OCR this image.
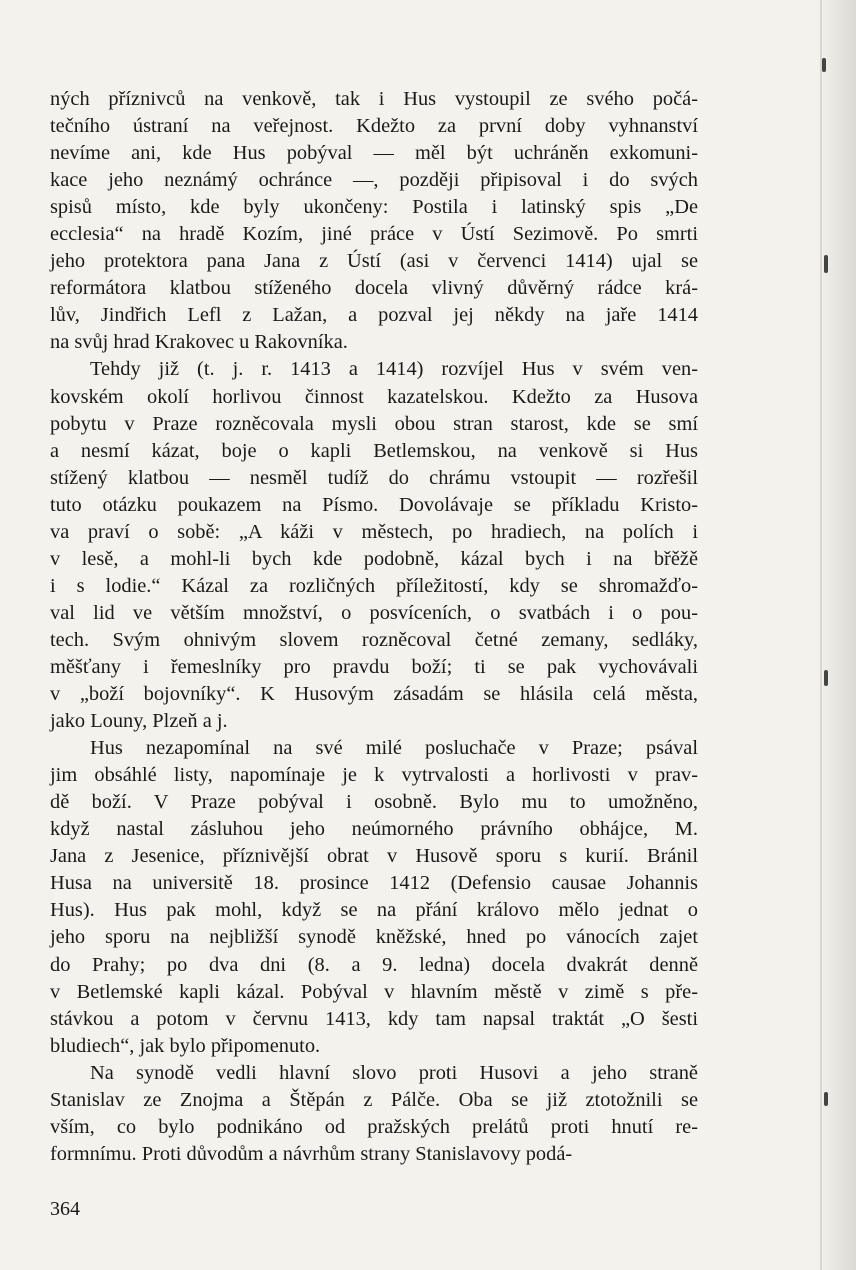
ných příznivců na venkově, tak i Hus vystoupil ze svého počá-
tečního ústraní na veřejnost. Kdežto za první doby vyhnanství
nevíme ani, kde Hus pobýval — měl být uchráněn exkomuni-
kace jeho neznámý ochránce —, později připisoval i do svých
spisů místo, kde byly ukončeny: Postila i latinský spis „De
ecclesia“ na hradě Kozím, jiné práce v Ústí Sezimově. Po smrti
jeho protektora pana Jana z Ústí (asi v červenci 1414) ujal se
reformátora klatbou stíženého docela vlivný důvěrný rádce krá-
lův, Jindřich Lefl z Lažan, a pozval jej někdy na jaře 1414
na svůj hrad Krakovec u Rakovníka.

Tehdy již (t. j. r. 1413 a 1414) rozvíjel Hus v svém ven-
kovském okolí horlivou činnost kazatelskou. Kdežto za Husova
pobytu v Praze rozněcovala mysli obou stran starost, kde se smí
a nesmí kázat, boje o kapli Betlemskou, na venkově si Hus
stížený klatbou — nesměl tudíž do chrámu vstoupit — rozřešil
tuto otázku poukazem na Písmo. Dovolávaje se příkladu Kristo-
va praví o sobě: „A káži v městech, po hradiech, na polích i
v lesě, a mohl-li bych kde podobně, kázal bych i na břěžě
i s lodie.“ Kázal za rozličných příležitostí, kdy se shromažďo-
val lid ve větším množství, o posvíceních, o svatbách i o pou-
tech. Svým ohnivým slovem rozněcoval četné zemany, sedláky,
měšťany i řemeslníky pro pravdu boží; ti se pak vychovávali
v „boží bojovníky“. K Husovým zásadám se hlásila celá města,
jako Louny, Plzeň a j.

Hus nezapomínal na své milé posluchače v Praze; psával
jim obsáhlé listy, napomínaje je k vytrvalosti a horlivosti v prav-
dě boží. V Praze pobýval i osobně. Bylo mu to umožněno,
když nastal zásluhou jeho neúmorného právního obhájce, M.
Jana z Jesenice, příznivější obrat v Husově sporu s kurií. Bránil
Husa na universitě 18. prosince 1412 (Defensio causae Johannis
Hus). Hus pak mohl, když se na přání královo mělo jednat o
jeho sporu na nejbližší synodě kněžské, hned po vánocích zajet
do Prahy; po dva dni (8. a 9. ledna) docela dvakrát denně
v Betlemské kapli kázal. Pobýval v hlavním městě v zimě s pře-
stávkou a potom v červnu 1413, kdy tam napsal traktát „O šesti
bludiech“, jak bylo připomenuto.

Na synodě vedli hlavní slovo proti Husovi a jeho straně
Stanislav ze Znojma a Štěpán z Pálče. Oba se již ztotožnili se
vším, co bylo podnikáno od pražských prelátů proti hnutí re-
formnímu. Proti důvodům a návrhům strany Stanislavovy podá-

364
